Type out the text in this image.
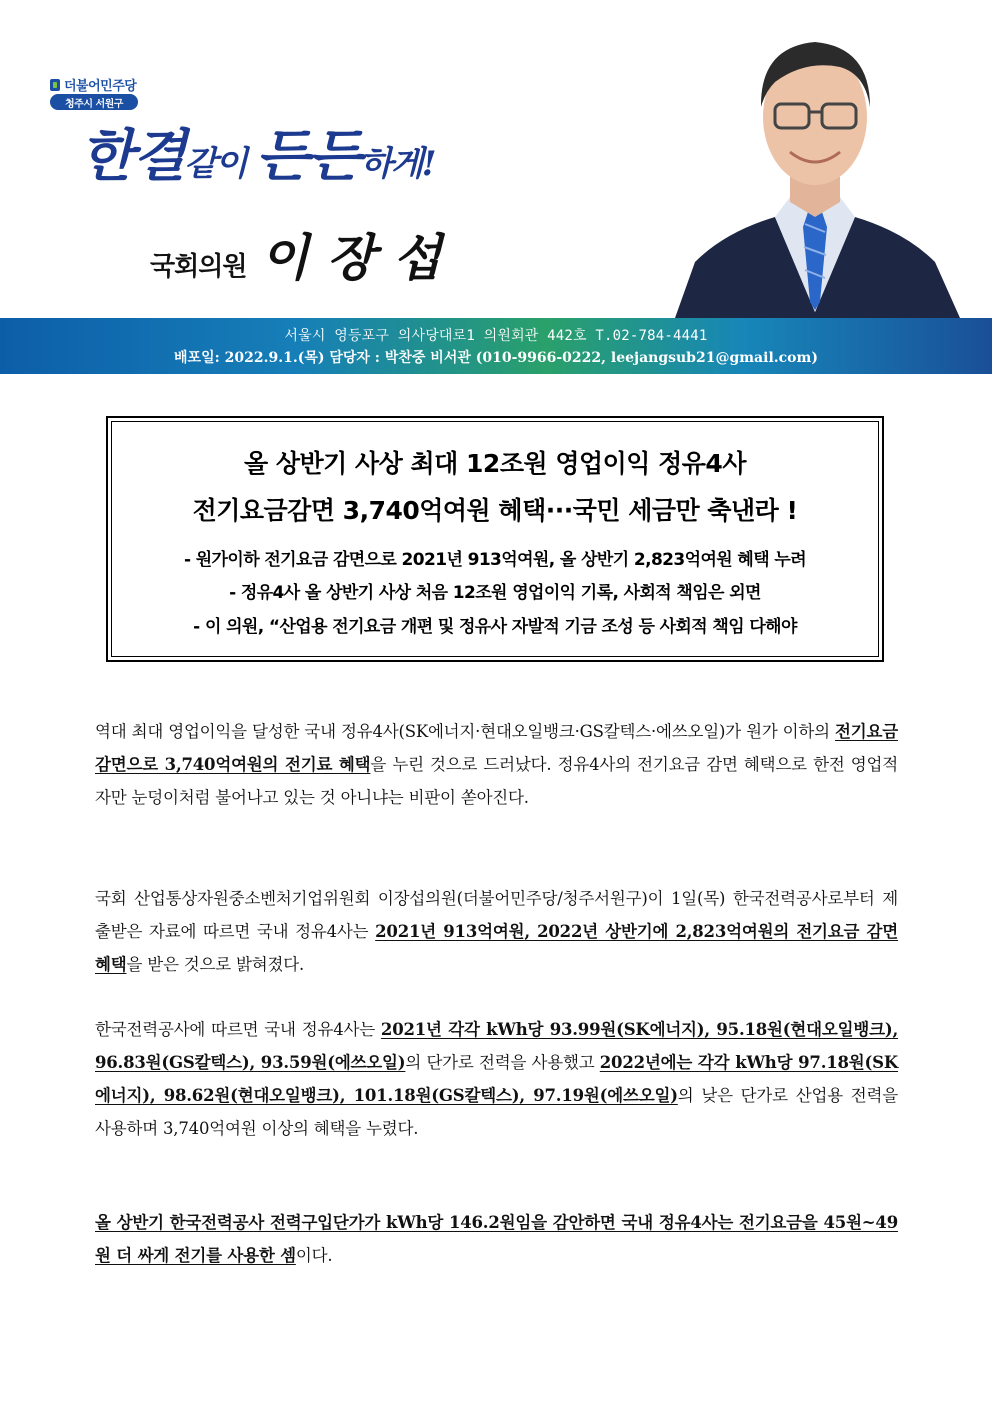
더불어민주당
청주시 서원구
한결같이 든든하게!
국회의원 이장섭
서울시 영등포구 의사당대로1 의원회관 442호 T.02-784-4441
배포일: 2022.9.1.(목) 담당자 : 박찬중 비서관 (010-9966-0222, leejangsub21@gmail.com)
올 상반기 사상 최대 12조원 영업이익 정유4사
전기요금감면 3,740억여원 혜택···국민 세금만 축낸라 !
- 원가이하 전기요금 감면으로 2021년 913억여원, 올 상반기 2,823억여원 혜택 누려
- 정유4사 올 상반기 사상 처음 12조원 영업이익 기록, 사회적 책임은 외면
- 이 의원, “산업용 전기요금 개편 및 정유사 자발적 기금 조성 등 사회적 책임 다해야
역대 최대 영업이익을 달성한 국내 정유4사(SK에너지·현대오일뱅크·GS칼텍스·에쓰오일)가 원가 이하의 전기요금 감면으로 3,740억여원의 전기료 혜택을 누린 것으로 드러났다. 정유4사의 전기요금 감면 혜택으로 한전 영업적자만 눈덩이처럼 불어나고 있는 것 아니냐는 비판이 쏟아진다.
국회 산업통상자원중소벤처기업위원회 이장섭의원(더불어민주당/청주서원구)이 1일(목) 한국전력공사로부터 제출받은 자료에 따르면 국내 정유4사는 2021년 913억여원, 2022년 상반기에 2,823억여원의 전기요금 감면 혜택을 받은 것으로 밝혀졌다.
한국전력공사에 따르면 국내 정유4사는 2021년 각각 kWh당 93.99원(SK에너지), 95.18원(현대오일뱅크), 96.83원(GS칼텍스), 93.59원(에쓰오일)의 단가로 전력을 사용했고 2022년에는 각각 kWh당 97.18원(SK에너지), 98.62원(현대오일뱅크), 101.18원(GS칼텍스), 97.19원(에쓰오일)의 낮은 단가로 산업용 전력을 사용하며 3,740억여원 이상의 혜택을 누렸다.
올 상반기 한국전력공사 전력구입단가가 kWh당 146.2원임을 감안하면 국내 정유4사는 전기요금을 45원~49원 더 싸게 전기를 사용한 셈이다.
